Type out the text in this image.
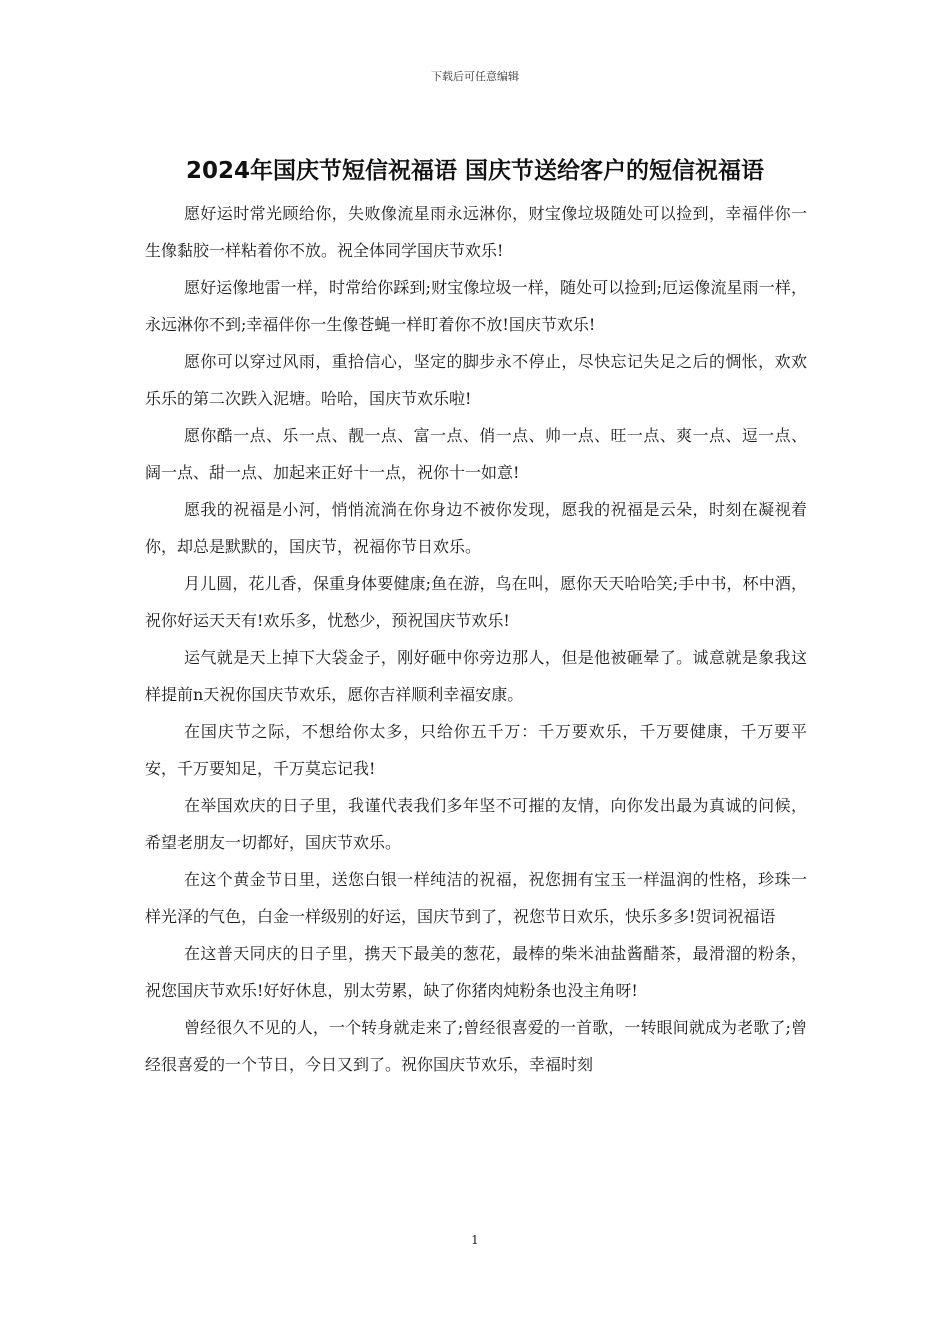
下载后可任意编辑
2024年国庆节短信祝福语 国庆节送给客户的短信祝福语

愿好运时常光顾给你，失败像流星雨永远淋你，财宝像垃圾随处可以捡到，幸福伴你一生像黏胶一样粘着你不放。祝全体同学国庆节欢乐!

愿好运像地雷一样，时常给你踩到;财宝像垃圾一样，随处可以捡到;厄运像流星雨一样，永远淋你不到;幸福伴你一生像苍蝇一样盯着你不放!国庆节欢乐!

愿你可以穿过风雨，重拾信心，坚定的脚步永不停止，尽快忘记失足之后的惆怅，欢欢乐乐的第二次跌入泥塘。哈哈，国庆节欢乐啦!

愿你酷一点、乐一点、靓一点、富一点、俏一点、帅一点、旺一点、爽一点、逗一点、阔一点、甜一点、加起来正好十一点，祝你十一如意!

愿我的祝福是小河，悄悄流淌在你身边不被你发现，愿我的祝福是云朵，时刻在凝视着你，却总是默默的，国庆节，祝福你节日欢乐。

月儿圆，花儿香，保重身体要健康;鱼在游，鸟在叫，愿你天天哈哈笑;手中书，杯中酒，祝你好运天天有!欢乐多，忧愁少，预祝国庆节欢乐!

运气就是天上掉下大袋金子，刚好砸中你旁边那人，但是他被砸晕了。诚意就是象我这样提前n天祝你国庆节欢乐，愿你吉祥顺利幸福安康。

在国庆节之际，不想给你太多，只给你五千万：千万要欢乐，千万要健康，千万要平安，千万要知足，千万莫忘记我!

在举国欢庆的日子里，我谨代表我们多年坚不可摧的友情，向你发出最为真诚的问候，希望老朋友一切都好，国庆节欢乐。

在这个黄金节日里，送您白银一样纯洁的祝福，祝您拥有宝玉一样温润的性格，珍珠一样光泽的气色，白金一样级别的好运，国庆节到了，祝您节日欢乐，快乐多多!贺词祝福语

在这普天同庆的日子里，携天下最美的葱花，最棒的柴米油盐酱醋茶，最滑溜的粉条，祝您国庆节欢乐!好好休息，别太劳累，缺了你猪肉炖粉条也没主角呀!

曾经很久不见的人，一个转身就走来了;曾经很喜爱的一首歌，一转眼间就成为老歌了;曾经很喜爱的一个节日，今日又到了。祝你国庆节欢乐，幸福时刻

1
